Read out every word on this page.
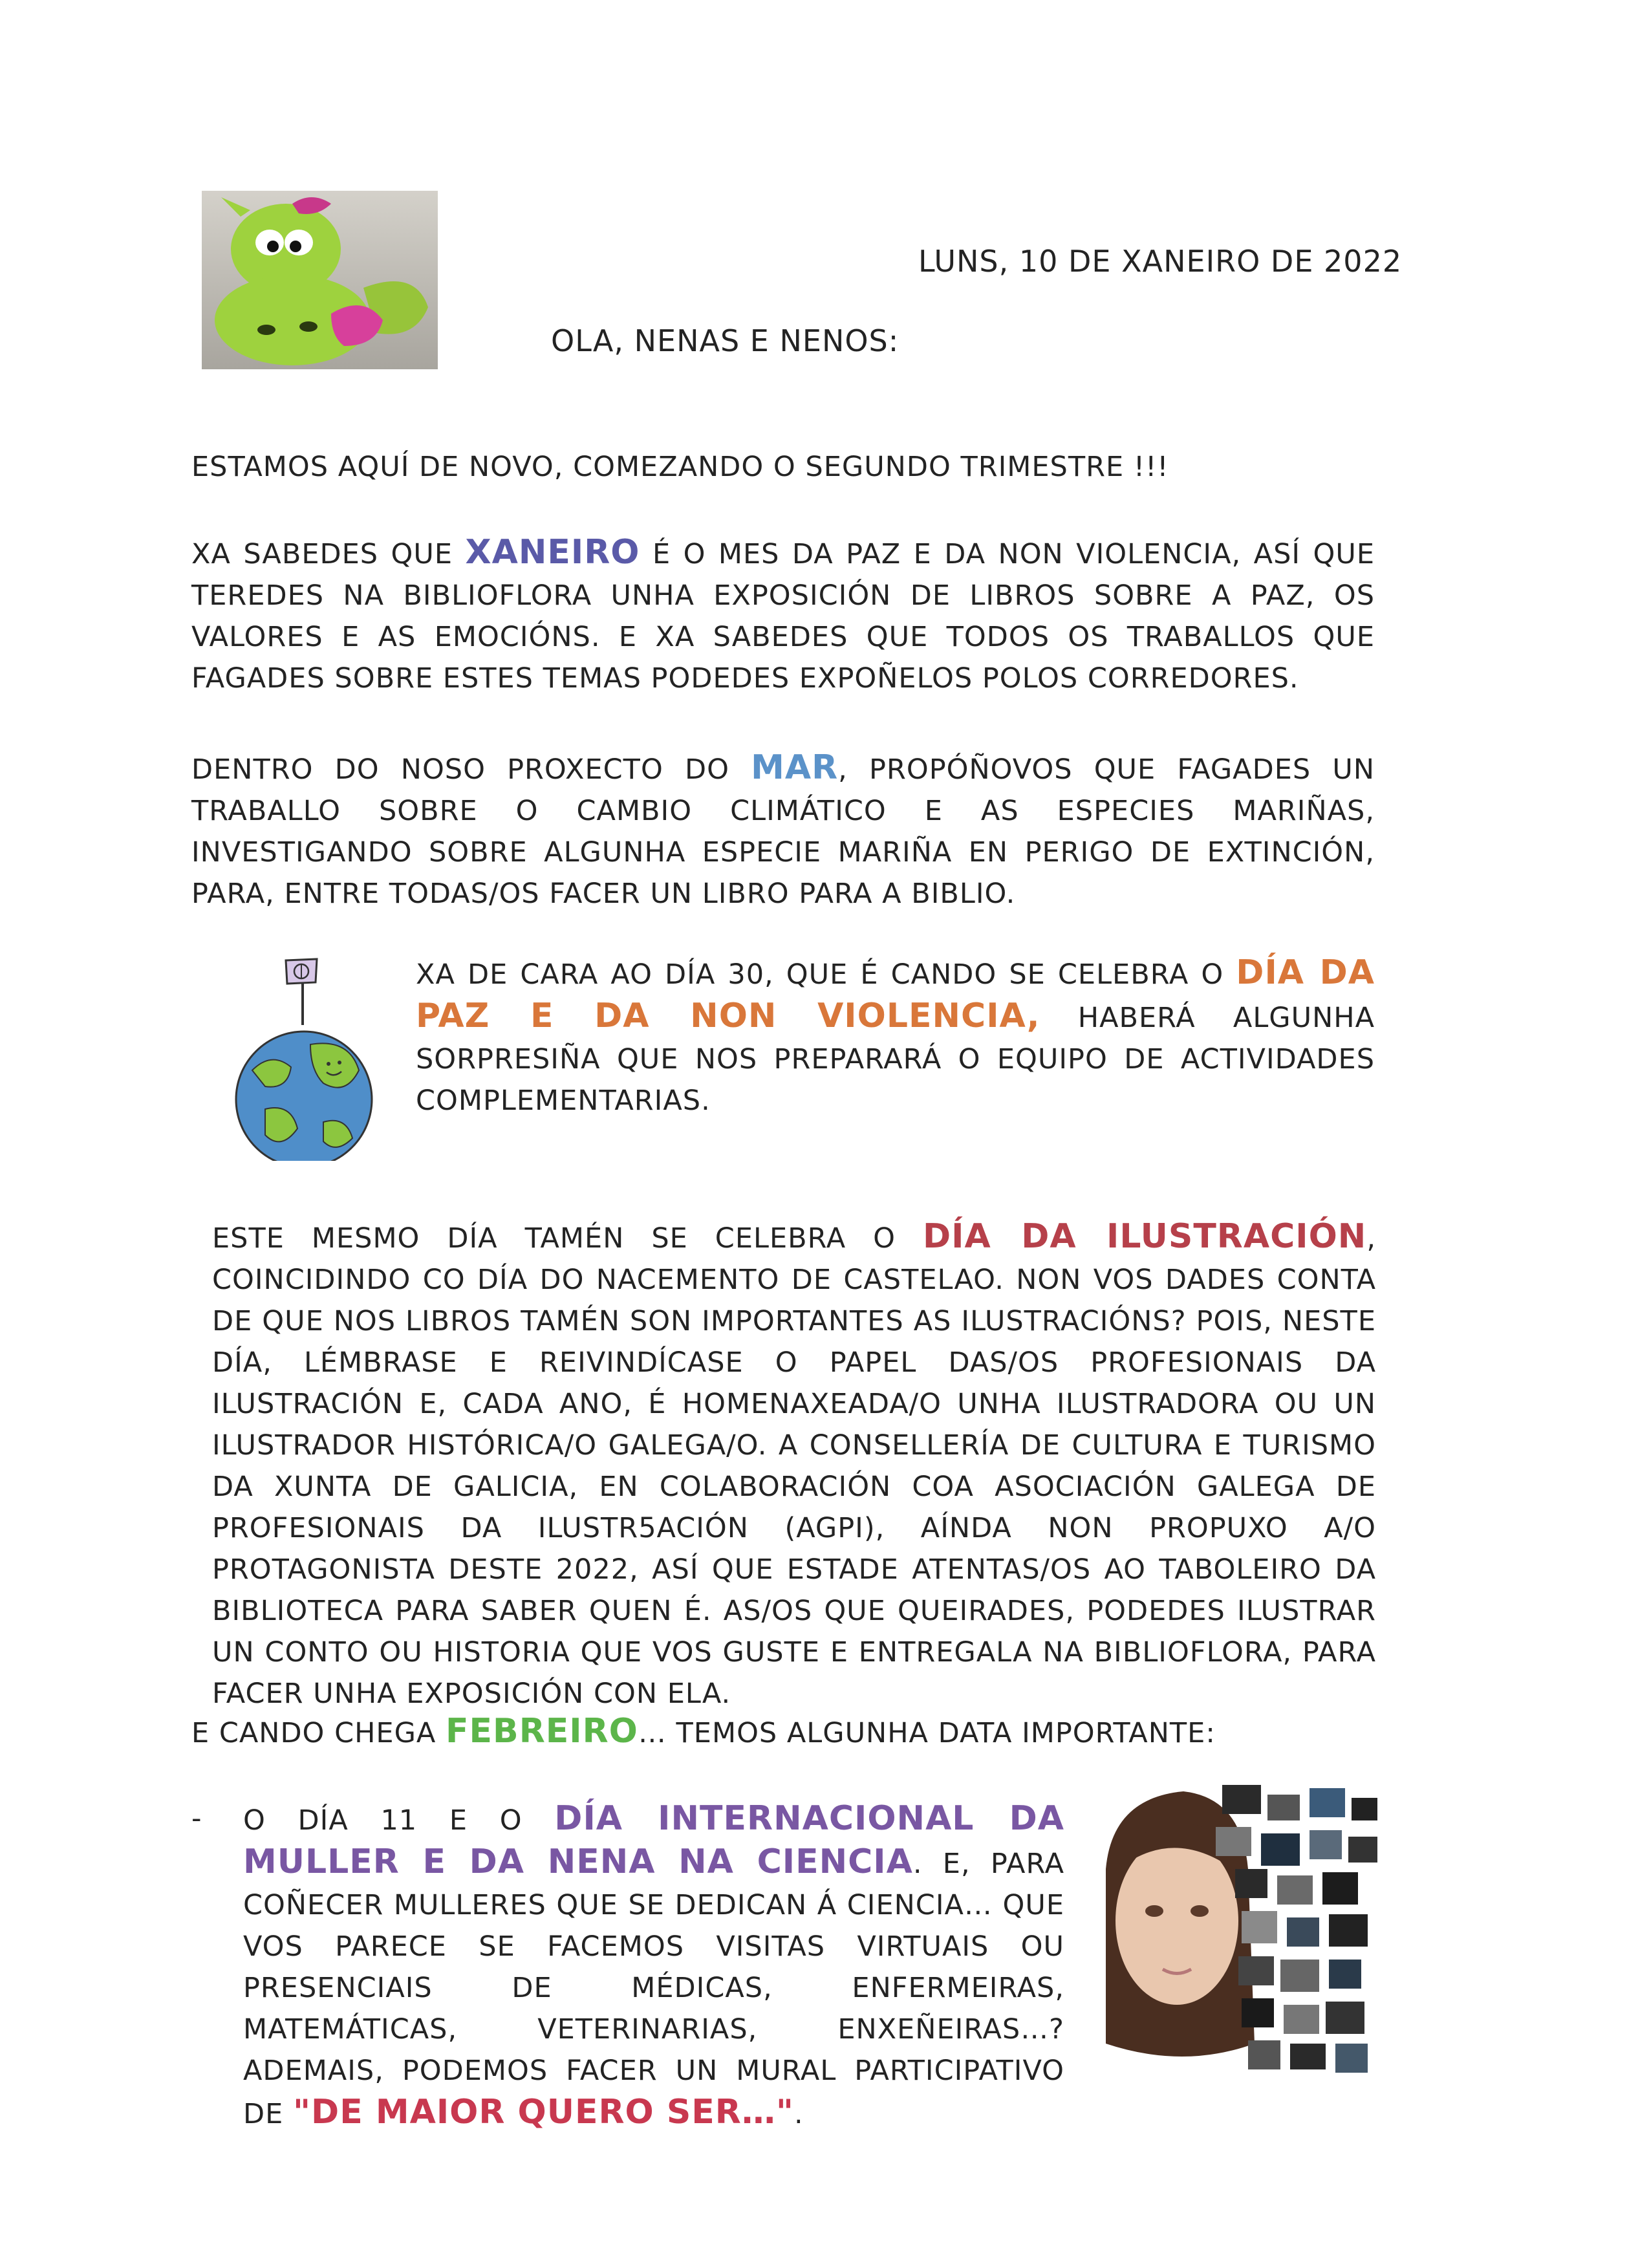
LUNS, 10 DE XANEIRO DE 2022

OLA, NENAS E NENOS:

ESTAMOS AQUÍ DE NOVO, COMEZANDO O SEGUNDO TRIMESTRE !!!

XA SABEDES QUE XANEIRO É O MES DA PAZ E DA NON VIOLENCIA, ASÍ QUE TEREDES NA BIBLIOFLORA UNHA EXPOSICIÓN DE LIBROS SOBRE A PAZ, OS VALORES E AS EMOCIÓNS. E XA SABEDES QUE TODOS OS TRABALLOS QUE FAGADES SOBRE ESTES TEMAS PODEDES EXPOÑELOS POLOS CORREDORES.

DENTRO DO NOSO PROXECTO DO MAR, PROPÓÑOVOS QUE FAGADES UN TRABALLO SOBRE O CAMBIO CLIMÁTICO E AS ESPECIES MARIÑAS, INVESTIGANDO SOBRE ALGUNHA ESPECIE MARIÑA EN PERIGO DE EXTINCIÓN, PARA, ENTRE TODAS/OS FACER UN LIBRO PARA A BIBLIO.

XA DE CARA AO DÍA 30, QUE É CANDO SE CELEBRA O DÍA DA PAZ E DA NON VIOLENCIA, HABERÁ ALGUNHA SORPRESIÑA QUE NOS PREPARARÁ O EQUIPO DE ACTIVIDADES COMPLEMENTARIAS.

ESTE MESMO DÍA TAMÉN SE CELEBRA O DÍA DA ILUSTRACIÓN, COINCIDINDO CO DÍA DO NACEMENTO DE CASTELAO. NON VOS DADES CONTA DE QUE NOS LIBROS TAMÉN SON IMPORTANTES AS ILUSTRACIÓNS? POIS, NESTE DÍA, LÉMBRASE E REIVINDÍCASE O PAPEL DAS/OS PROFESIONAIS DA ILUSTRACIÓN E, CADA ANO, É HOMENAXEADA/O UNHA ILUSTRADORA OU UN ILUSTRADOR HISTÓRICA/O GALEGA/O. A CONSELLERÍA DE CULTURA E TURISMO DA XUNTA DE GALICIA, EN COLABORACIÓN COA ASOCIACIÓN GALEGA DE PROFESIONAIS DA ILUSTR5ACIÓN (AGPI), AÍNDA NON PROPUXO A/O PROTAGONISTA DESTE 2022, ASÍ QUE ESTADE ATENTAS/OS AO TABOLEIRO DA BIBLIOTECA PARA SABER QUEN É. AS/OS QUE QUEIRADES, PODEDES ILUSTRAR UN CONTO OU HISTORIA QUE VOS GUSTE E ENTREGALA NA BIBLIOFLORA, PARA FACER UNHA EXPOSICIÓN CON ELA.

E CANDO CHEGA FEBREIRO… TEMOS ALGUNHA DATA IMPORTANTE:

- O DÍA 11 E O DÍA INTERNACIONAL DA MULLER E DA NENA NA CIENCIA. E, PARA COÑECER MULLERES QUE SE DEDICAN Á CIENCIA… QUE VOS PARECE SE FACEMOS VISITAS VIRTUAIS OU PRESENCIAIS DE MÉDICAS, ENFERMEIRAS, MATEMÁTICAS, VETERINARIAS, ENXEÑEIRAS…? ADEMAIS, PODEMOS FACER UN MURAL PARTICIPATIVO DE "DE MAIOR QUERO SER…".
